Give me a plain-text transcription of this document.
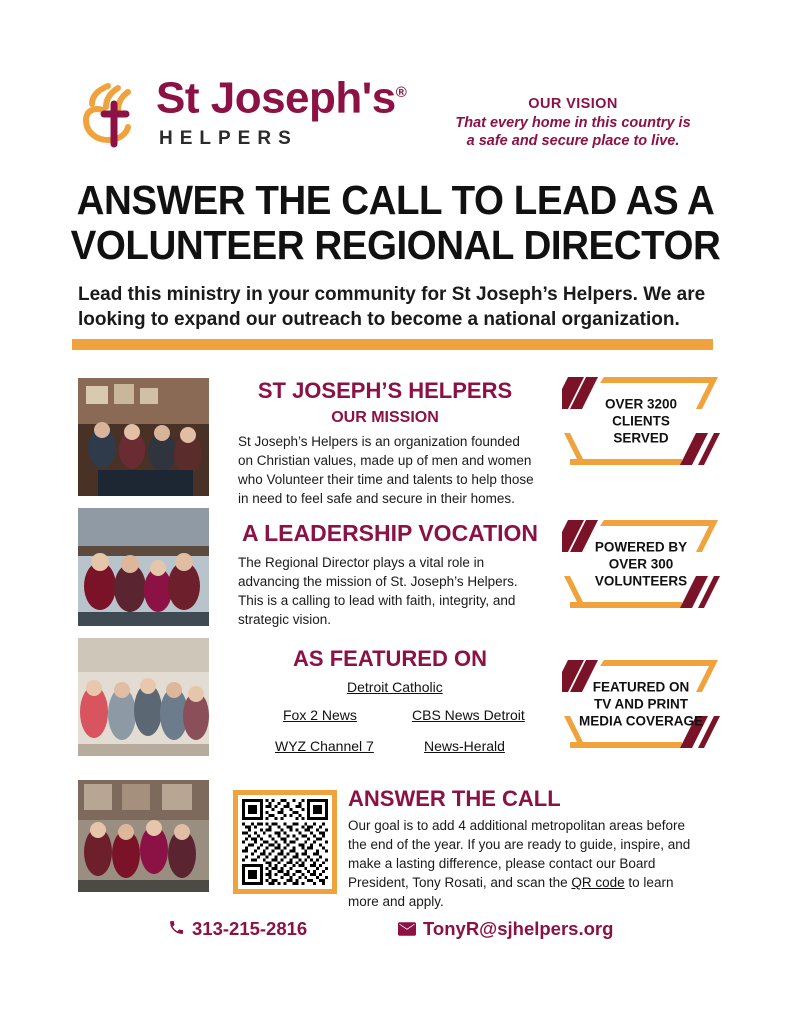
St Joseph's®
HELPERS
OUR VISION
That every home in this country is
a safe and secure place to live.
ANSWER THE CALL TO LEAD AS A
VOLUNTEER REGIONAL DIRECTOR
Lead this ministry in your community for St Joseph’s Helpers. We are looking to expand our outreach to become a national organization.
ST JOSEPH’S HELPERS
OUR MISSION
St Joseph’s Helpers is an organization founded on Christian values, made up of men and women who Volunteer their time and talents to help those in need to feel safe and secure in their homes.
OVER 3200
CLIENTS
SERVED
A LEADERSHIP VOCATION
The Regional Director plays a vital role in advancing the mission of St. Joseph’s Helpers. This is a calling to lead with faith, integrity, and strategic vision.
POWERED BY
OVER 300
VOLUNTEERS
AS FEATURED ON
Detroit Catholic
Fox 2 News	CBS News Detroit
WYZ Channel 7	News-Herald
FEATURED ON
TV AND PRINT
MEDIA COVERAGE
ANSWER THE CALL
Our goal is to add 4 additional metropolitan areas before the end of the year. If you are ready to guide, inspire, and make a lasting difference, please contact our Board President, Tony Rosati, and scan the QR code to learn more and apply.
313-215-2816	TonyR@sjhelpers.org
